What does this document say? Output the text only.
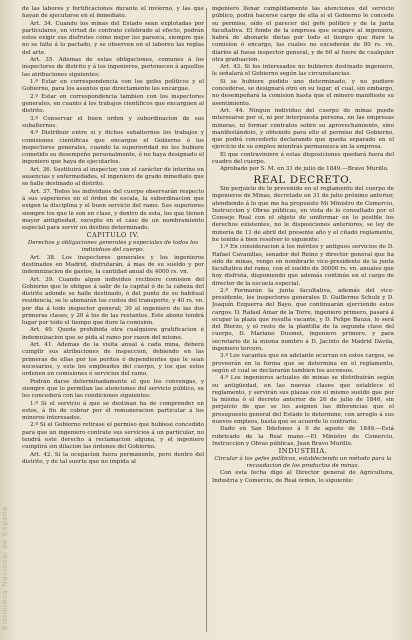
Biblioteca Nacional de España

de las labores y fortificaciones durante el invierno, y las que hayan de ejecutarse en el inmediato.

Art. 34. Cuando los minas del Estado sean explotadas por particulares, en virtud de contrato celebrado al efecto, podrán estos exigir sus disfrutes como mejor les parezca, siempre que no se falte á lo pactado, y se observen en el laboreo las reglas del arte.

Art. 35. Ademas de estas obligaciones, comunes á los inspectores de distrito y á los ingenieros, pertenecen á aquellos las atribuciones siguientes:

1.º Estar en correspondencia con los gefes políticos y el Gobierno, para los asuntos que directamente les encargue.

2.º Estar en correspondencia tambien con los inspectores generales, en cuanto á los trabajos científicos que encarguen al distrito.

3.º Conservar el buen orden y subordinacion de sus subalternos.

4.º Distribuir entre si y dichos subalternos los trabajos y comisiones científicas que encargue el Gobierno ó los inspectores generales, cuando la superioridad no les hubiere cometido su desempeño personalmente, ó no haya designado el ingeniero que haya de ejecutarlos.

Art. 36. Sustituirá al inspector, con el carácter de interino en ausencias y enfermedades, el ingeniero de grado inmediato que se halle destinado al distrito.

Art. 37. Todos los individuos del cuerpo observarán respecto á sus superiores en el órden de escala, la subordinacion que exigen la disciplina y el buen servicio del ramo. Sus superiores siempre los que le son en clase, y dentro de esta, los que tienen mayor antigüedad, excepto en el caso de un nombramiento especial para servir un destino determinado.

CAPITULO IV.

Derechos y obligaciones generales y especiales de todos los individuos del cuerpo.

Art. 38. Los inspectores generales y los ingenieros destinados en Madrid, disfrutarán, á mas de su sueldo y por indemnizacion de gastos, la cantidad anual de 4000 rs. vn.

Art. 39. Cuando algun individuo recibiere comision del Gobierno que le obligue á salir de la capital ó de la cabeza del distrito adonde se halle destinado, ó del punto de su habitual residencia, se le abonarán los costos del transporte, y 40 rs. vn. por dia á todo inspector general; 30 al ingeniero de las dos primeras clases, y 20 á los de las restantes. Este abono tendrá lugar por todo el tiempo que dure la comision.

Art. 40. Queda prohibida otra cualquiera gratificacion é indemnizacion que se pida al ramo por razon del mismo.

Art. 41. Ademas de la visita anual á cada mina, deberá cumplir sus atribuciones de inspeccion, debiendo en las primeras de ellas por los peritos ó dependientes que le sean necesarios, y este los empleados del cuerpo, y los que estos ordenen en comisiones ó servicios del ramo.

Podrán darse determinadamente el que les convengas, y siempre que lo permitan las atenciones del servicio público, se les concederá con las condiciones siguientes:

1.º Si el servicio á que se destinan ha de comprender en estos, á fin de cobrar por él remuneracion particular á los mineros interesados.

2.º Si el Gobierno retirase el permiso que hubiese concedido para que un ingeniero contrate sus servicios á un particular, no tendrá este derecho á reclamacion alguna, y el ingeniero cumplirá sin dilacion las órdenes del Gobierno.

Art. 42. Si la ocupacion fuera permanente, pero dentro del distrito, y de tal suerte que no impida al

ingeniero llenar cumplidamente las atenciones del servicio público, podrá hacerse cargo de ella si el Gobierno le concede su permiso, oído el parecer del gefe político y de la junta facultativa. El fondo de la empresa que ocupare al ingeniero, habrá de abonarle dietas por todo el tiempo que dure la comision ó encargo, las cuales no excederán de 80 rs. vn. diarios al fuese inspector general, y de 60 al fuere de cualquier otra graduacion.

Art. 43. Si los interesados no hubieren destinado ingeniero, le señalará el Gobierno según las circunstancias.

Si se hubiere pedido uno determinado, y no pudiere concederse, se designará otro en su lugar, el cual, sin embargo, no desempeñará la comision hasta que el minero manifieste su asentimiento.

Art. 44. Ningun individuo del cuerpo de minas puede interesarse por sí, ni por interpuesta persona, en las empresas mineras, ni formar contratos sobre su aprovechamiento, sino manifestándolo, y obtenido para ello el permiso del Gobierno, que podrá concederlo declarando que queda separado en el ejercicio de su empleo mientras permanezca en la empresa.

El que contraviniere á estas disposiciones quedará fuera del cuadro del cuerpo.

Aprobado por S. M. en 31 de julio de 1849.—Bravo Murillo.

REAL DECRETO.

Sin perjuicio de lo prevenido en el reglamento del cuerpo de ingenieros de Minas, decretado en 31 de julio próximo anterior, atendiendo á lo que me ha propuesto Mi Ministro de Comercio, Instruccion y Obras públicas, en vista de lo consultado por el Consejo Real con el objeto de uniformar en lo posible los derechos existentes, no le disposiciones anteriores, se ley de minería de 11 de abril del presente año y el citado reglamento, he tenido á bien resolver lo siguiente:

1.º En consideracion á los méritos y antiguos servicios de D. Rafael Cavanillas, senador del Reino y director general que ha sido de minas, vengo en nombrarle vice-presidente de la junta facultativa del ramo, con el sueldo de 30000 rs. vn. anuales que hoy disfruta, disponiendo que además continúe en el cargo de director de la escuela especial.

2.º Formarán la junta facultativa, además del vice-presidente, los inspectores generales D. Guillermo Schulz y D. Joaquín Ezquerra del Bayo, que continuarán ejerciendo estos cargos. D. Rafael Amar de la Torre, ingeniero primero, pasará á ocupar la plaza que resulta vacante, y D. Felipe Bauzá, lo será del Bierzo, y el resto de la plantilla de la segunda clase del cuerpo, D. Mariano Dusmet, ingeniero primero, y para secretario de la misma nombro á D. Jacinto de Madrid Dávila, ingeniero tercero.

3.º Los vacantes que en adelante ocurran en estos cargos, se proveerán en la forma que se determina en el reglamento, según el cual se declararán tambien los ascensos.

4.º Los ingenieros actuales de minas se distribuirán según su antigüedad, en las nuevas clases que establece el reglamento, y servirán sus plazas con el mismo sueldo que por la misma ó el decreto anterior de 26 de julio de 1846, sin perjuicio de que se les asignen las diferencias que el presupuesto general del Estado lo determine, con arreglo á sus nuevos empleos, hasta que se acuerde lo contrario.

Dado en San Ildefonso á 9 de agosto de 1849.—Está rubricado de la Real mano.—El Ministro de Comercio, Instruccion y Obras públicas, Juan Bravo Murillo.

INDUSTRIA.

Circular á los gefes políticos, estableciendo un método para la recaudacion de los productos de minas.

Con esta fecha digo al Director general de Agricultura, Industria y Comercio, de Real órden, lo siguiente:
